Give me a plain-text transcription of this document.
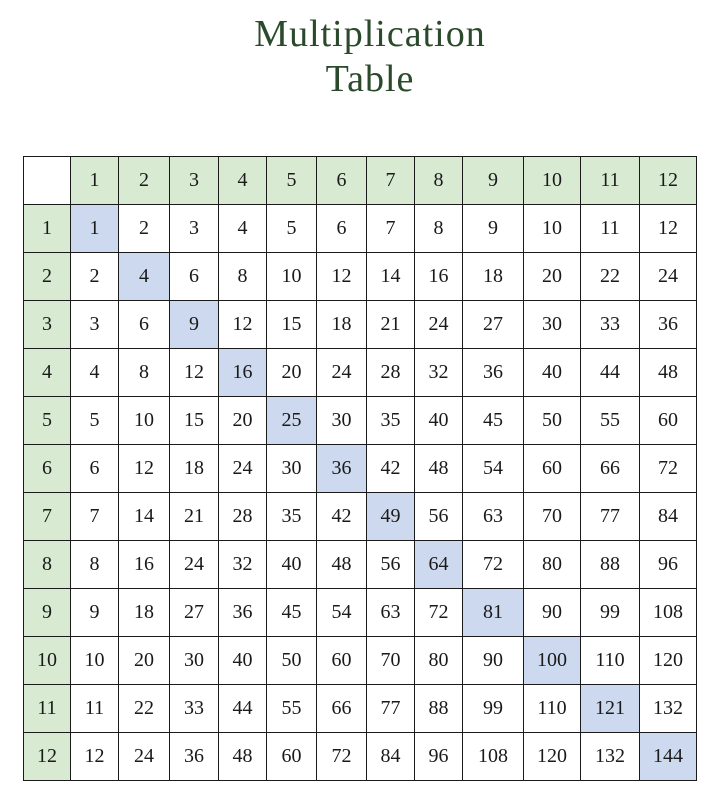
Multiplication
Table
	1	2	3	4	5	6	7	8	9	10	11	12
1	1	2	3	4	5	6	7	8	9	10	11	12
2	2	4	6	8	10	12	14	16	18	20	22	24
3	3	6	9	12	15	18	21	24	27	30	33	36
4	4	8	12	16	20	24	28	32	36	40	44	48
5	5	10	15	20	25	30	35	40	45	50	55	60
6	6	12	18	24	30	36	42	48	54	60	66	72
7	7	14	21	28	35	42	49	56	63	70	77	84
8	8	16	24	32	40	48	56	64	72	80	88	96
9	9	18	27	36	45	54	63	72	81	90	99	108
10	10	20	30	40	50	60	70	80	90	100	110	120
11	11	22	33	44	55	66	77	88	99	110	121	132
12	12	24	36	48	60	72	84	96	108	120	132	144
